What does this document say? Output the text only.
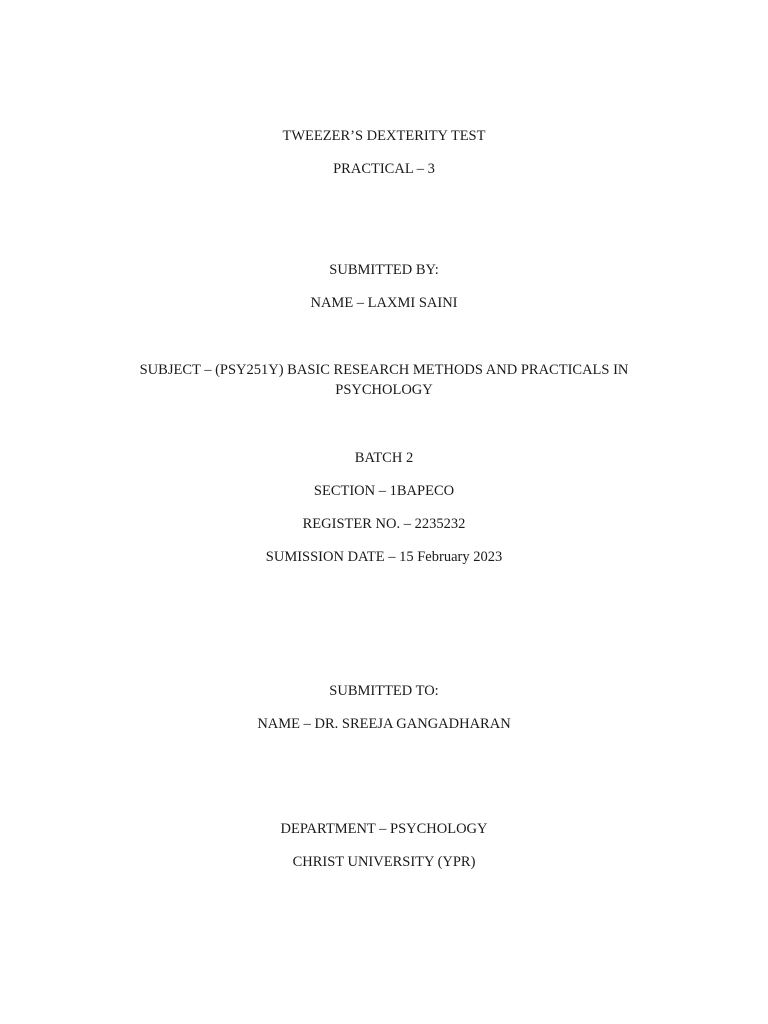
TWEEZER’S DEXTERITY TEST
PRACTICAL – 3
SUBMITTED BY:
NAME – LAXMI SAINI
SUBJECT – (PSY251Y) BASIC RESEARCH METHODS AND PRACTICALS IN PSYCHOLOGY
BATCH 2
SECTION – 1BAPECO
REGISTER NO. – 2235232
SUMISSION DATE – 15 February 2023
SUBMITTED TO:
NAME – DR. SREEJA GANGADHARAN
DEPARTMENT – PSYCHOLOGY
CHRIST UNIVERSITY (YPR)
